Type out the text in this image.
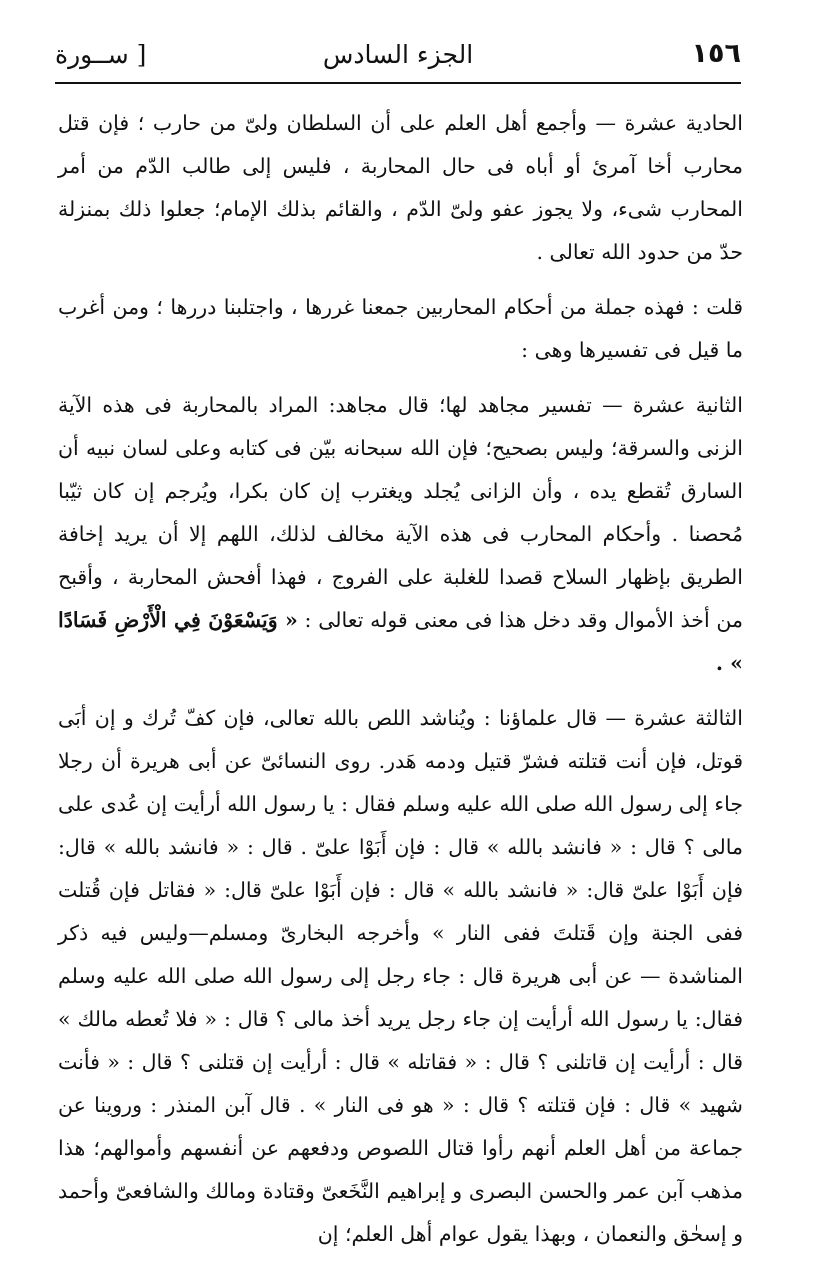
١٥٦
الجزء السادس
[ ســورة

الحادية عشرة — وأجمع أهل العلم على أن السلطان ولىّ من حارب ؛ فإن قتل محارب أخا آمرئ أو أباه فى حال المحاربة ، فليس إلى طالب الدّم من أمر المحارب شىء، ولا يجوز عفو ولىّ الدّم ، والقائم بذلك الإمام؛ جعلوا ذلك بمنزلة حدّ من حدود الله تعالى .

قلت : فهذه جملة من أحكام المحاربين جمعنا غررها ، واجتلبنا دررها ؛ ومن أغرب ما قيل فى تفسيرها وهى :

الثانية عشرة — تفسير مجاهد لها؛ قال مجاهد: المراد بالمحاربة فى هذه الآية الزنى والسرقة؛ وليس بصحيح؛ فإن الله سبحانه بيّن فى كتابه وعلى لسان نبيه أن السارق تُقطع يده ، وأن الزانى يُجلد ويغترب إن كان بكرا، ويُرجم إن كان ثيّبا مُحصنا . وأحكام المحارب فى هذه الآية مخالف لذلك، اللهم إلا أن يريد إخافة الطريق بإظهار السلاح قصدا للغلبة على الفروج ، فهذا أفحش المحاربة ، وأقبح من أخذ الأموال وقد دخل هذا فى معنى قوله تعالى : « وَيَسْعَوْنَ فِي الْأَرْضِ فَسَادًا » .

الثالثة عشرة — قال علماؤنا : ويُناشد اللص بالله تعالى، فإن كفّ تُرك و إن أبَى قوتل، فإن أنت قتلته فشرّ قتيل ودمه هَدر. روى النسائىّ عن أبى هريرة أن رجلا جاء إلى رسول الله صلى الله عليه وسلم فقال : يا رسول الله أرأيت إن عُدى على مالى ؟ قال : « فانشد بالله » قال : فإن أَبَوْا علىّ . قال : « فانشد بالله » قال: فإن أَبَوْا علىّ قال: « فانشد بالله » قال : فإن أَبَوْا علىّ قال: « فقاتل فإن قُتلت ففى الجنة وإن قَتلتَ ففى النار » وأخرجه البخارىّ ومسلم—وليس فيه ذكر المناشدة — عن أبى هريرة قال : جاء رجل إلى رسول الله صلى الله عليه وسلم فقال: يا رسول الله أرأيت إن جاء رجل يريد أخذ مالى ؟ قال : « فلا تُعطه مالك » قال : أرأيت إن قاتلنى ؟ قال : « فقاتله » قال : أرأيت إن قتلنى ؟ قال : « فأنت شهيد » قال : فإن قتلته ؟ قال : « هو فى النار » . قال آبن المنذر : وروينا عن جماعة من أهل العلم أنهم رأوا قتال اللصوص ودفعهم عن أنفسهم وأموالهم؛ هذا مذهب آبن عمر والحسن البصرى و إبراهيم النَّخَعىّ وقتادة ومالك والشافعىّ وأحمد و إسحٰق والنعمان ، وبهذا يقول عوام أهل العلم؛ إن
